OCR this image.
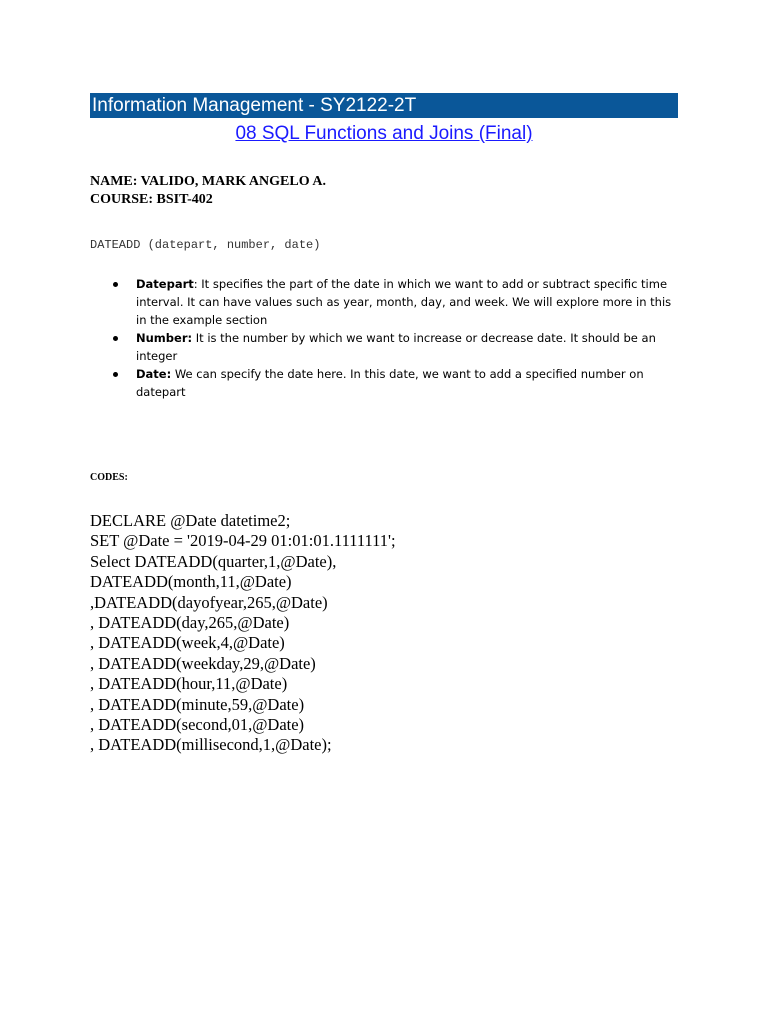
Information Management - SY2122-2T
08 SQL Functions and Joins (Final)
NAME: VALIDO, MARK ANGELO A.
COURSE: BSIT-402
DATEADD (datepart, number, date)
Datepart: It specifies the part of the date in which we want to add or subtract specific time interval. It can have values such as year, month, day, and week. We will explore more in this in the example section
Number: It is the number by which we want to increase or decrease date. It should be an integer
Date: We can specify the date here. In this date, we want to add a specified number on datepart
CODES:
DECLARE @Date datetime2;
SET @Date = '2019-04-29 01:01:01.1111111';
Select DATEADD(quarter,1,@Date),
DATEADD(month,11,@Date)
,DATEADD(dayofyear,265,@Date)
, DATEADD(day,265,@Date)
, DATEADD(week,4,@Date)
, DATEADD(weekday,29,@Date)
, DATEADD(hour,11,@Date)
, DATEADD(minute,59,@Date)
, DATEADD(second,01,@Date)
, DATEADD(millisecond,1,@Date);
